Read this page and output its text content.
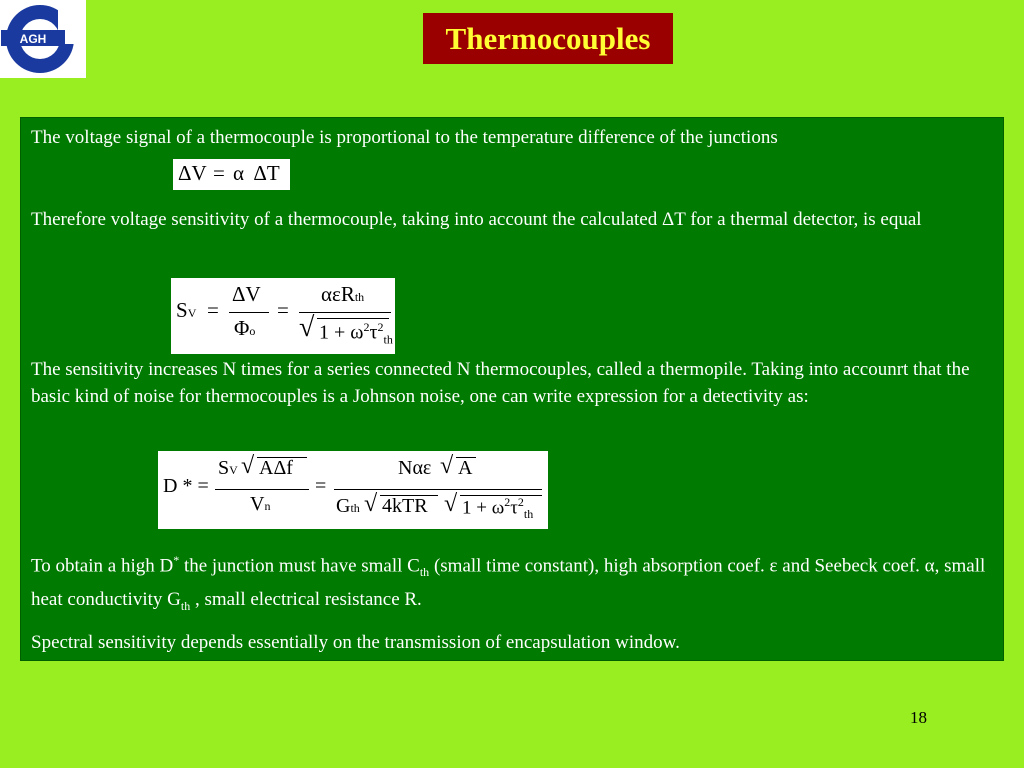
AGH	Thermocouples
The voltage signal of a thermocouple is proportional to the temperature difference of the junctions
ΔV = α  ΔT
Therefore voltage sensitivity of a thermocouple, taking into account the calculated ΔT for a thermal detector, is equal
SV =
ΔV
Φo
=
αεRth
√ $1 + \omega^2\tau^2_{th}$
The sensitivity increases N times for a series connected N thermocouples, called a thermopile. Taking into accounrt that the basic kind of noise for thermocouples is a Johnson noise, one can write expression for a detectivity as:
D * =
SV √ AΔf
Vn
=
Nαε √ A
Gth √ 4kTR √ $1 + \omega^2\tau^2_{th}$
To obtain a high D* the junction must have small $C_{th}$ (small time constant), high absorption coef. ε and Seebeck coef. α, small heat conductivity $G_{th}$ , small electrical resistance R.
Spectral sensitivity depends essentially on the transmission of encapsulation window.
18
